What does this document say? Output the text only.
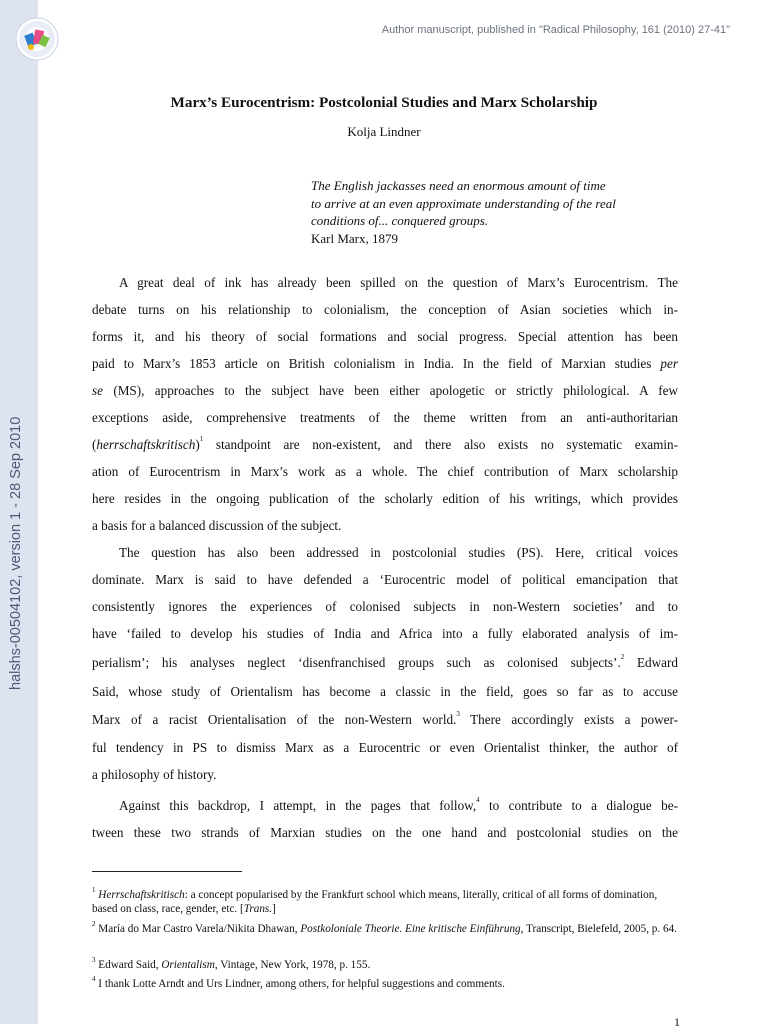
halshs-00504102, version 1 - 28 Sep 2010
Author manuscript, published in "Radical Philosophy, 161 (2010) 27-41"
Marx’s Eurocentrism: Postcolonial Studies and Marx Scholarship
Kolja Lindner
The English jackasses need an enormous amount of time
to arrive at an even approximate understanding of the real
conditions of... conquered groups.
Karl Marx, 1879
A great deal of ink has already been spilled on the question of Marx’s Eurocentrism. The
debate turns on his relationship to colonialism, the conception of Asian societies which in-
forms it, and his theory of social formations and social progress. Special attention has been
paid to Marx’s 1853 article on British colonialism in India. In the field of Marxian studies per
se (MS), approaches to the subject have been either apologetic or strictly philological. A few
exceptions aside, comprehensive treatments of the theme written from an anti-authoritarian
(herrschaftskritisch)$^1$ standpoint are non-existent, and there also exists no systematic examin-
ation of Eurocentrism in Marx’s work as a whole. The chief contribution of Marx scholarship
here resides in the ongoing publication of the scholarly edition of his writings, which provides
a basis for a balanced discussion of the subject.
The question has also been addressed in postcolonial studies (PS). Here, critical voices
dominate. Marx is said to have defended a ‘Eurocentric model of political emancipation that
consistently ignores the experiences of colonised subjects in non-Western societies’ and to
have ‘failed to develop his studies of India and Africa into a fully elaborated analysis of im-
perialism’; his analyses neglect ‘disenfranchised groups such as colonised subjects’.$^2$ Edward
Said, whose study of Orientalism has become a classic in the field, goes so far as to accuse
Marx of a racist Orientalisation of the non-Western world.$^3$ There accordingly exists a power-
ful tendency in PS to dismiss Marx as a Eurocentric or even Orientalist thinker, the author of
a philosophy of history.
Against this backdrop, I attempt, in the pages that follow,$^4$ to contribute to a dialogue be-
tween these two strands of Marxian studies on the one hand and postcolonial studies on the
$^1$ Herrschaftskritisch: a concept popularised by the Frankfurt school which means, literally, critical of all forms of domination, based on class, race, gender, etc. [Trans.]
$^2$ María do Mar Castro Varela/Nikita Dhawan, Postkoloniale Theorie. Eine kritische Einführung, Transcript, Bielefeld, 2005, p. 64.
$^3$ Edward Said, Orientalism, Vintage, New York, 1978, p. 155.
$^4$ I thank Lotte Arndt and Urs Lindner, among others, for helpful suggestions and comments.
1
